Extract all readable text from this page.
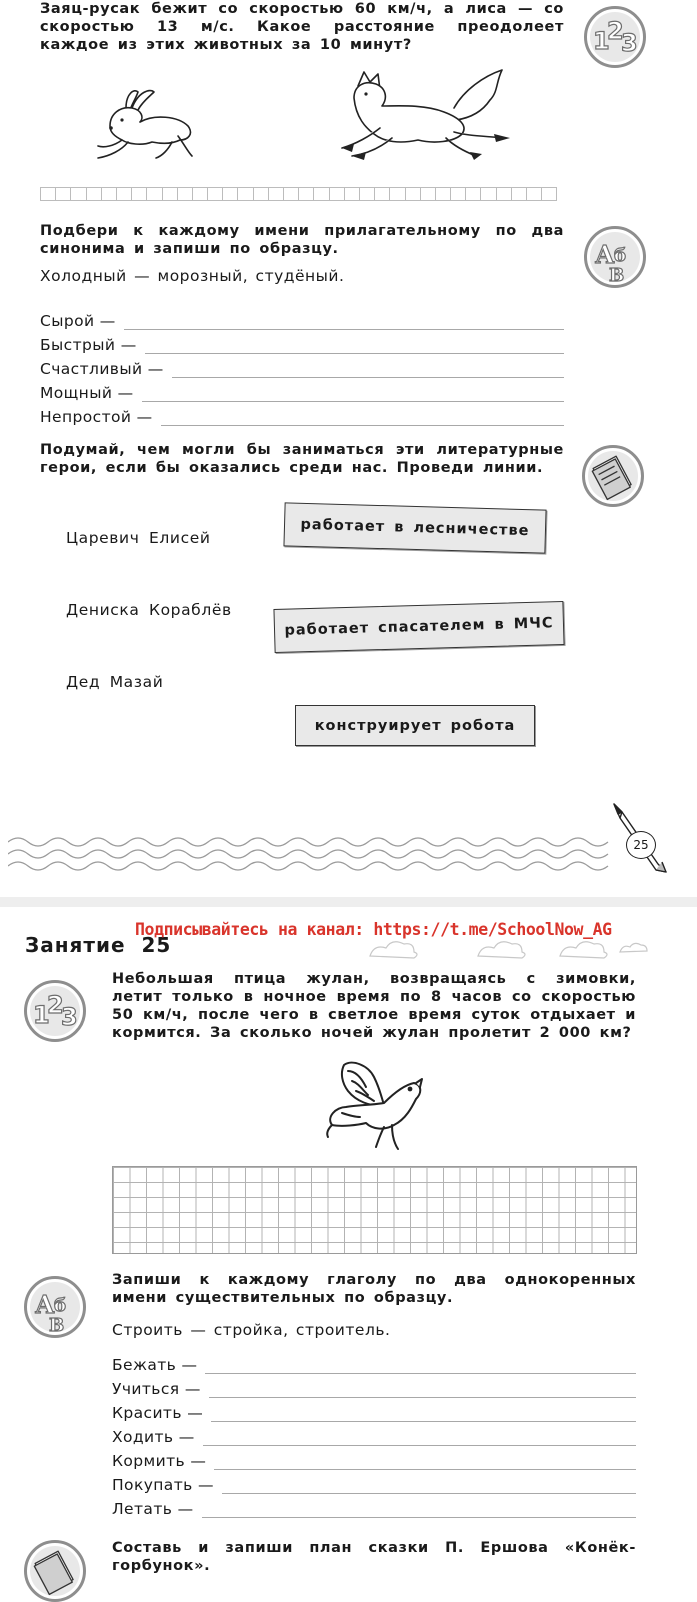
Заяц-русак бежит со скоростью 60 км/ч, а лиса — со скоростью 13 м/с. Какое расстояние преодолеет каждое из этих животных за 10 минут?	1
2
3

Подбери к каждому имени прилагательному по два синонима и запиши по образцу.	А б
В
Холодный — морозный, студёный.
Сырой —
Быстрый —
Счастливый —
Мощный —
Непростой —

Подумай, чем могли бы заниматься эти литературные герои, если бы оказались среди нас. Проведи линии.

Царевич Елисей
Дениска Кораблёв
Дед Мазай
работает в лесничестве
работает спасателем в МЧС
конструирует робота
25
Занятие 25
Подписывайтесь на канал: https://t.me/SchoolNow_AG
1
2
3

Небольшая птица жулан, возвращаясь с зимовки, летит только в ночное время по 8 часов со скоростью 50 км/ч, после чего в светлое время суток отдыхает и кормится. За сколько ночей жулан пролетит 2 000 км?

А б
В

Запиши к каждому глаголу по два однокоренных имени существительных по образцу.

Строить — стройка, строитель.
Бежать —
Учиться —
Красить —
Ходить —
Кормить —
Покупать —
Летать —

Составь и запиши план сказки П. Ершова «Конёк-горбунок».
